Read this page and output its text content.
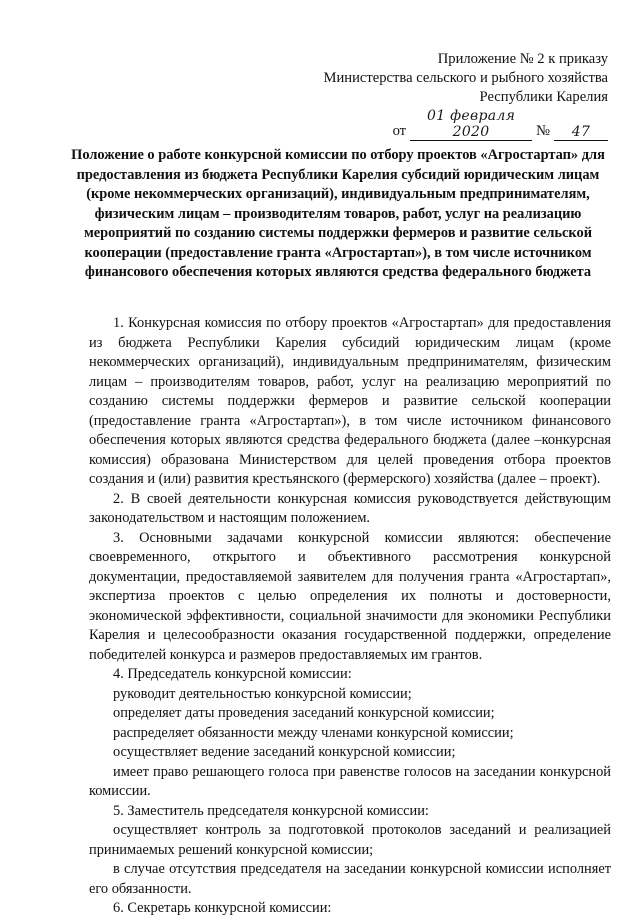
Приложение № 2 к приказу
Министерства сельского и рыбного хозяйства
Республики Карелия
от
01 февраля 2020	№	47
Положение о работе конкурсной комиссии по отбору проектов «Агростартап» для предоставления из бюджета Республики Карелия субсидий юридическим лицам (кроме некоммерческих организаций), индивидуальным предпринимателям, физическим лицам – производителям товаров, работ, услуг на реализацию мероприятий по созданию системы поддержки фермеров и развитие сельской кооперации (предоставление гранта «Агростартап»), в том числе источником финансового обеспечения которых являются средства федерального бюджета

1. Конкурсная комиссия по отбору проектов «Агростартап» для предоставления из бюджета Республики Карелия субсидий юридическим лицам (кроме некоммерческих организаций), индивидуальным предпринимателям, физическим лицам – производителям товаров, работ, услуг на реализацию мероприятий по созданию системы поддержки фермеров и развитие сельской кооперации (предоставление гранта «Агростартап»), в том числе источником финансового обеспечения которых являются средства федерального бюджета (далее –конкурсная комиссия) образована Министерством для целей проведения отбора проектов создания и (или) развития крестьянского (фермерского) хозяйства (далее – проект).

2. В своей деятельности конкурсная комиссия руководствуется действующим законодательством и настоящим положением.

3. Основными задачами конкурсной комиссии являются: обеспечение своевременного, открытого и объективного рассмотрения конкурсной документации, предоставляемой заявителем для получения гранта «Агростартап», экспертиза проектов с целью определения их полноты и достоверности, экономической эффективности, социальной значимости для экономики Республики Карелия и целесообразности оказания государственной поддержки, определение победителей конкурса и размеров предоставляемых им грантов.

4. Председатель конкурсной комиссии:

руководит деятельностью конкурсной комиссии;

определяет даты проведения заседаний конкурсной комиссии;

распределяет обязанности между членами конкурсной комиссии;

осуществляет ведение заседаний конкурсной комиссии;

имеет право решающего голоса при равенстве голосов на заседании конкурсной комиссии.

5. Заместитель председателя конкурсной комиссии:

осуществляет контроль за подготовкой протоколов заседаний и реализацией принимаемых решений конкурсной комиссии;

в случае отсутствия председателя на заседании конкурсной комиссии исполняет его обязанности.

6. Секретарь конкурсной комиссии:
